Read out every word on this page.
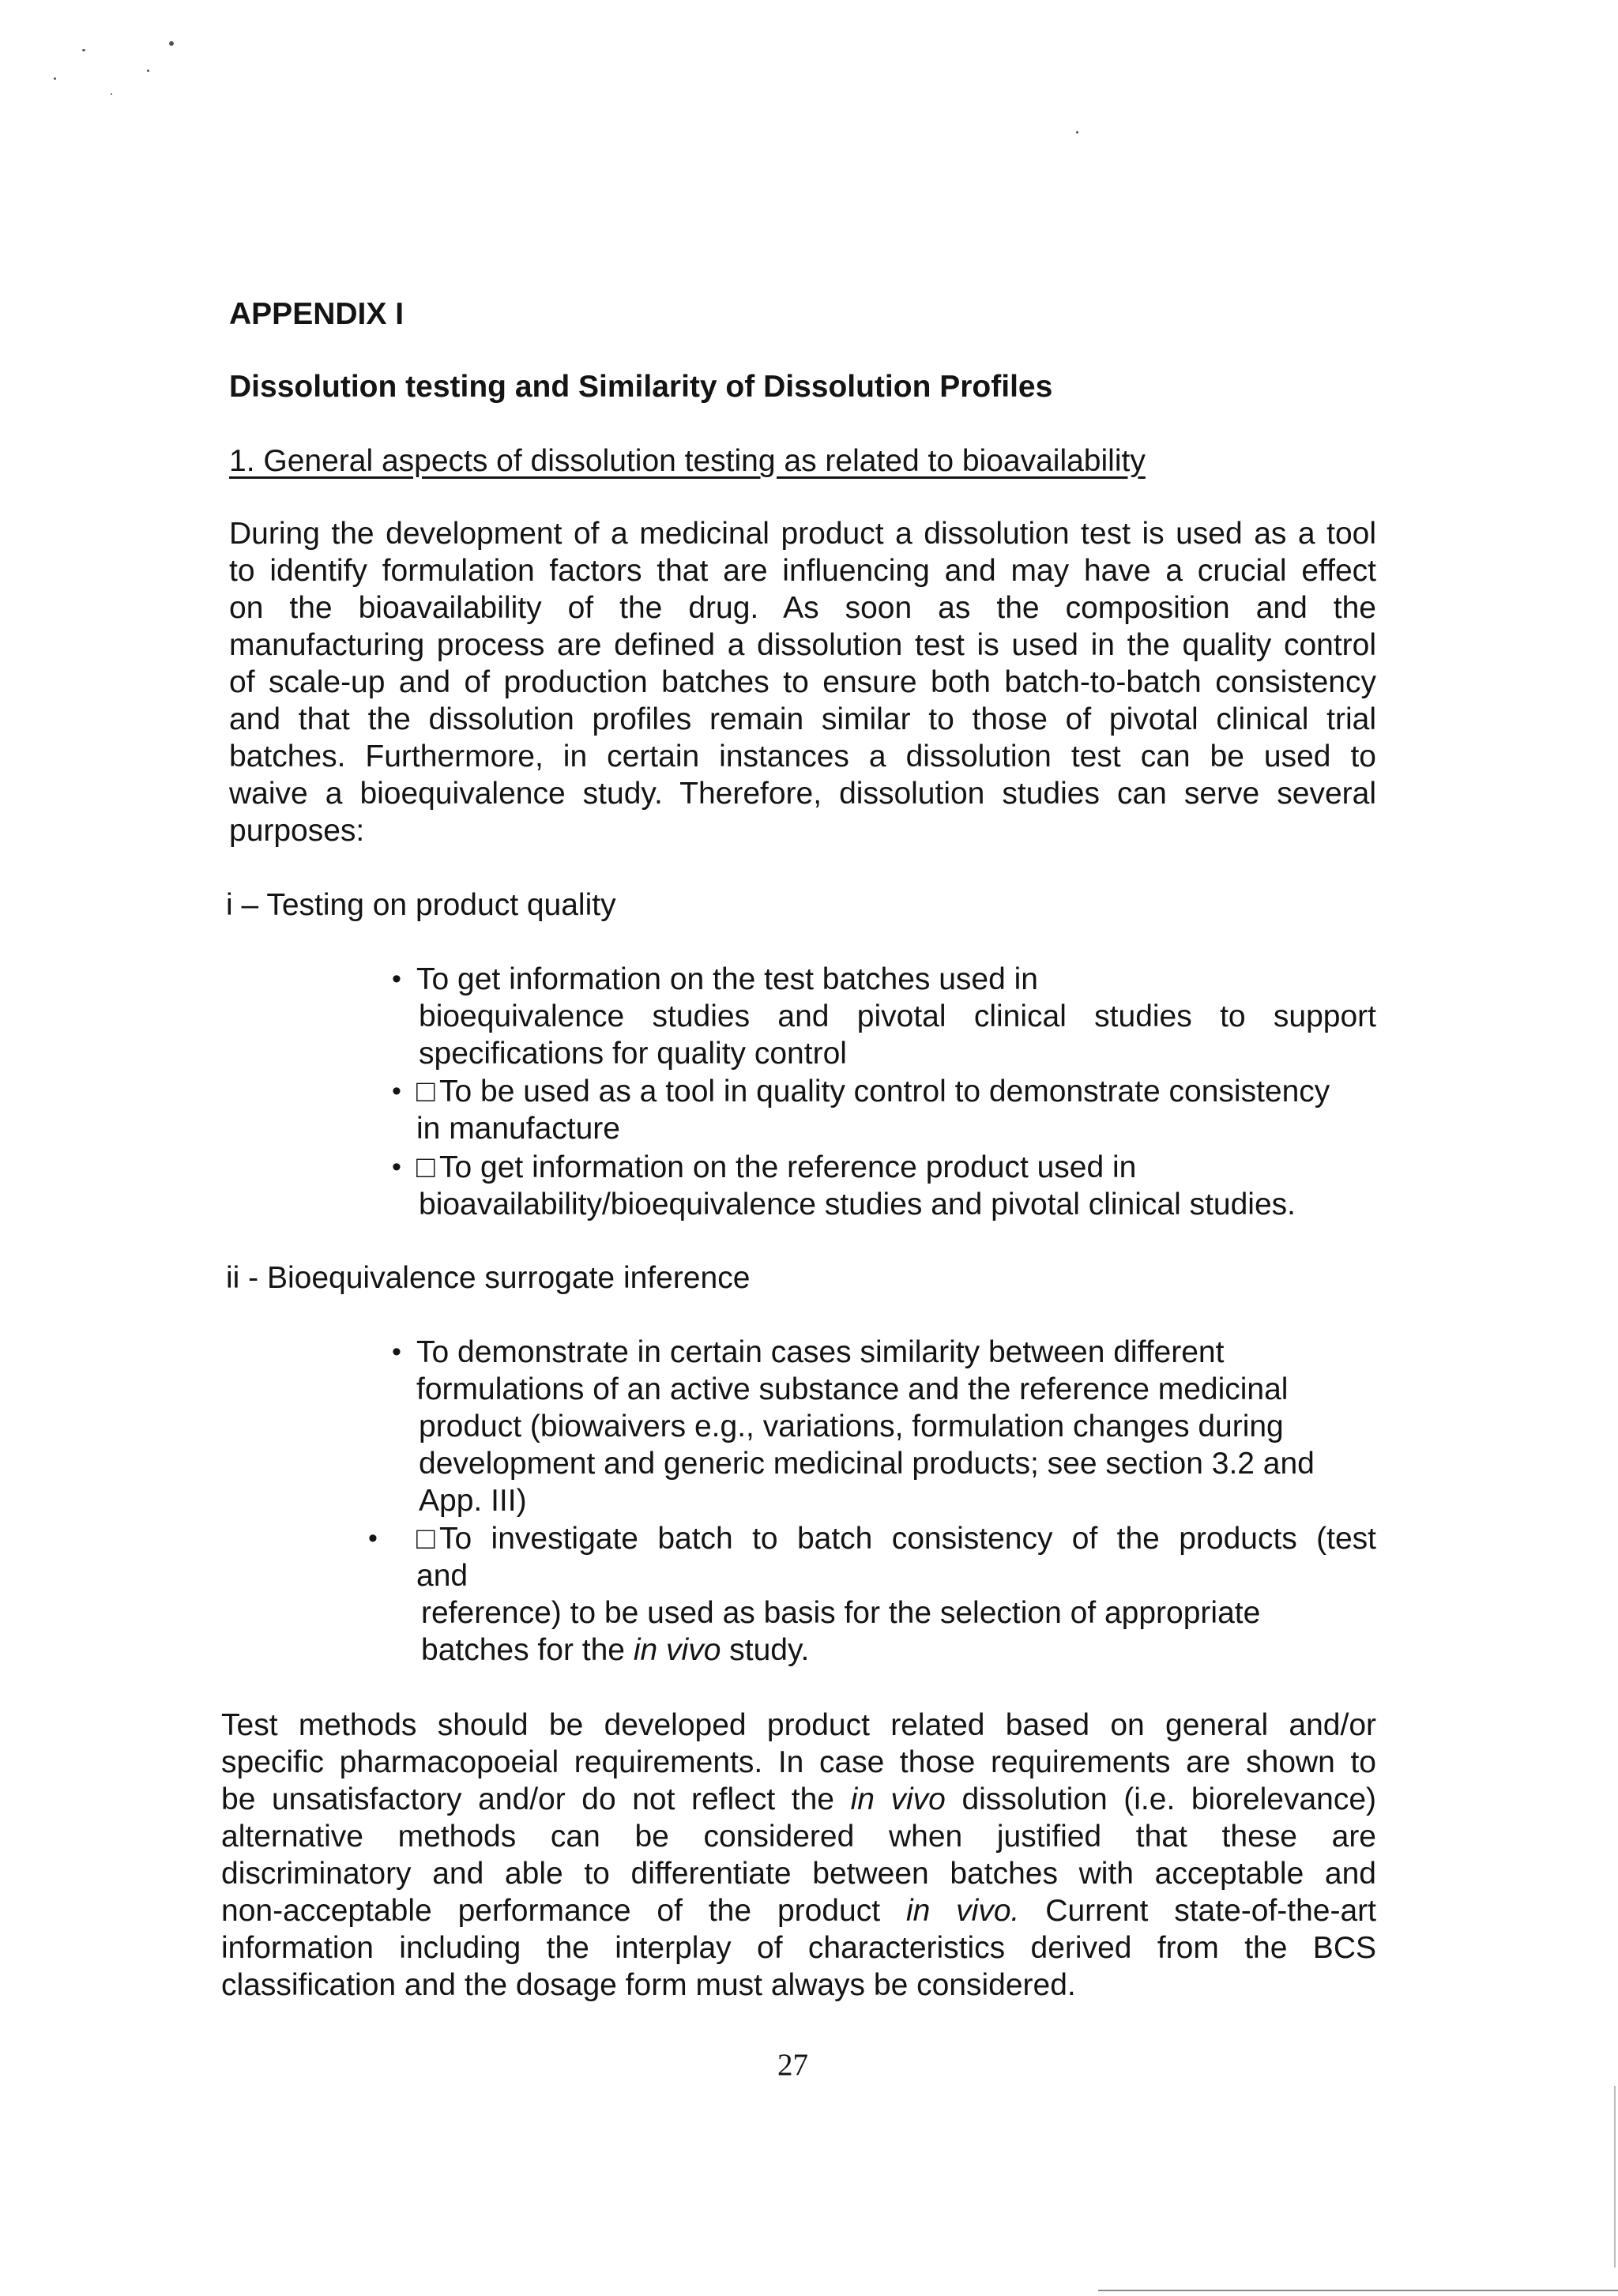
APPENDIX I
Dissolution testing and Similarity of Dissolution Profiles
1. General aspects of dissolution testing as related to bioavailability
During the development of a medicinal product a dissolution test is used as a tool
to identify formulation factors that are influencing and may have a crucial effect
on the bioavailability of the drug. As soon as the composition and the
manufacturing process are defined a dissolution test is used in the quality control
of scale-up and of production batches to ensure both batch-to-batch consistency
and that the dissolution profiles remain similar to those of pivotal clinical trial
batches. Furthermore, in certain instances a dissolution test can be used to
waive a bioequivalence study. Therefore, dissolution studies can serve several
purposes:
i – Testing on product quality
• To get information on the test batches used in
bioequivalence studies and pivotal clinical studies to support
specifications for quality control
• □ To be used as a tool in quality control to demonstrate consistency
in manufacture
• □ To get information on the reference product used in
bioavailability/bioequivalence studies and pivotal clinical studies.
ii - Bioequivalence surrogate inference
• To demonstrate in certain cases similarity between different
formulations of an active substance and the reference medicinal
product (biowaivers e.g., variations, formulation changes during
development and generic medicinal products; see section 3.2 and
App. III)
• □ To investigate batch to batch consistency of the products (test
and
reference) to be used as basis for the selection of appropriate
batches for the in vivo study.
Test methods should be developed product related based on general and/or
specific pharmacopoeial requirements. In case those requirements are shown to
be unsatisfactory and/or do not reflect the in vivo dissolution (i.e. biorelevance)
alternative methods can be considered when justified that these are
discriminatory and able to differentiate between batches with acceptable and
non-acceptable performance of the product in vivo. Current state-of-the-art
information including the interplay of characteristics derived from the BCS
classification and the dosage form must always be considered.
27
